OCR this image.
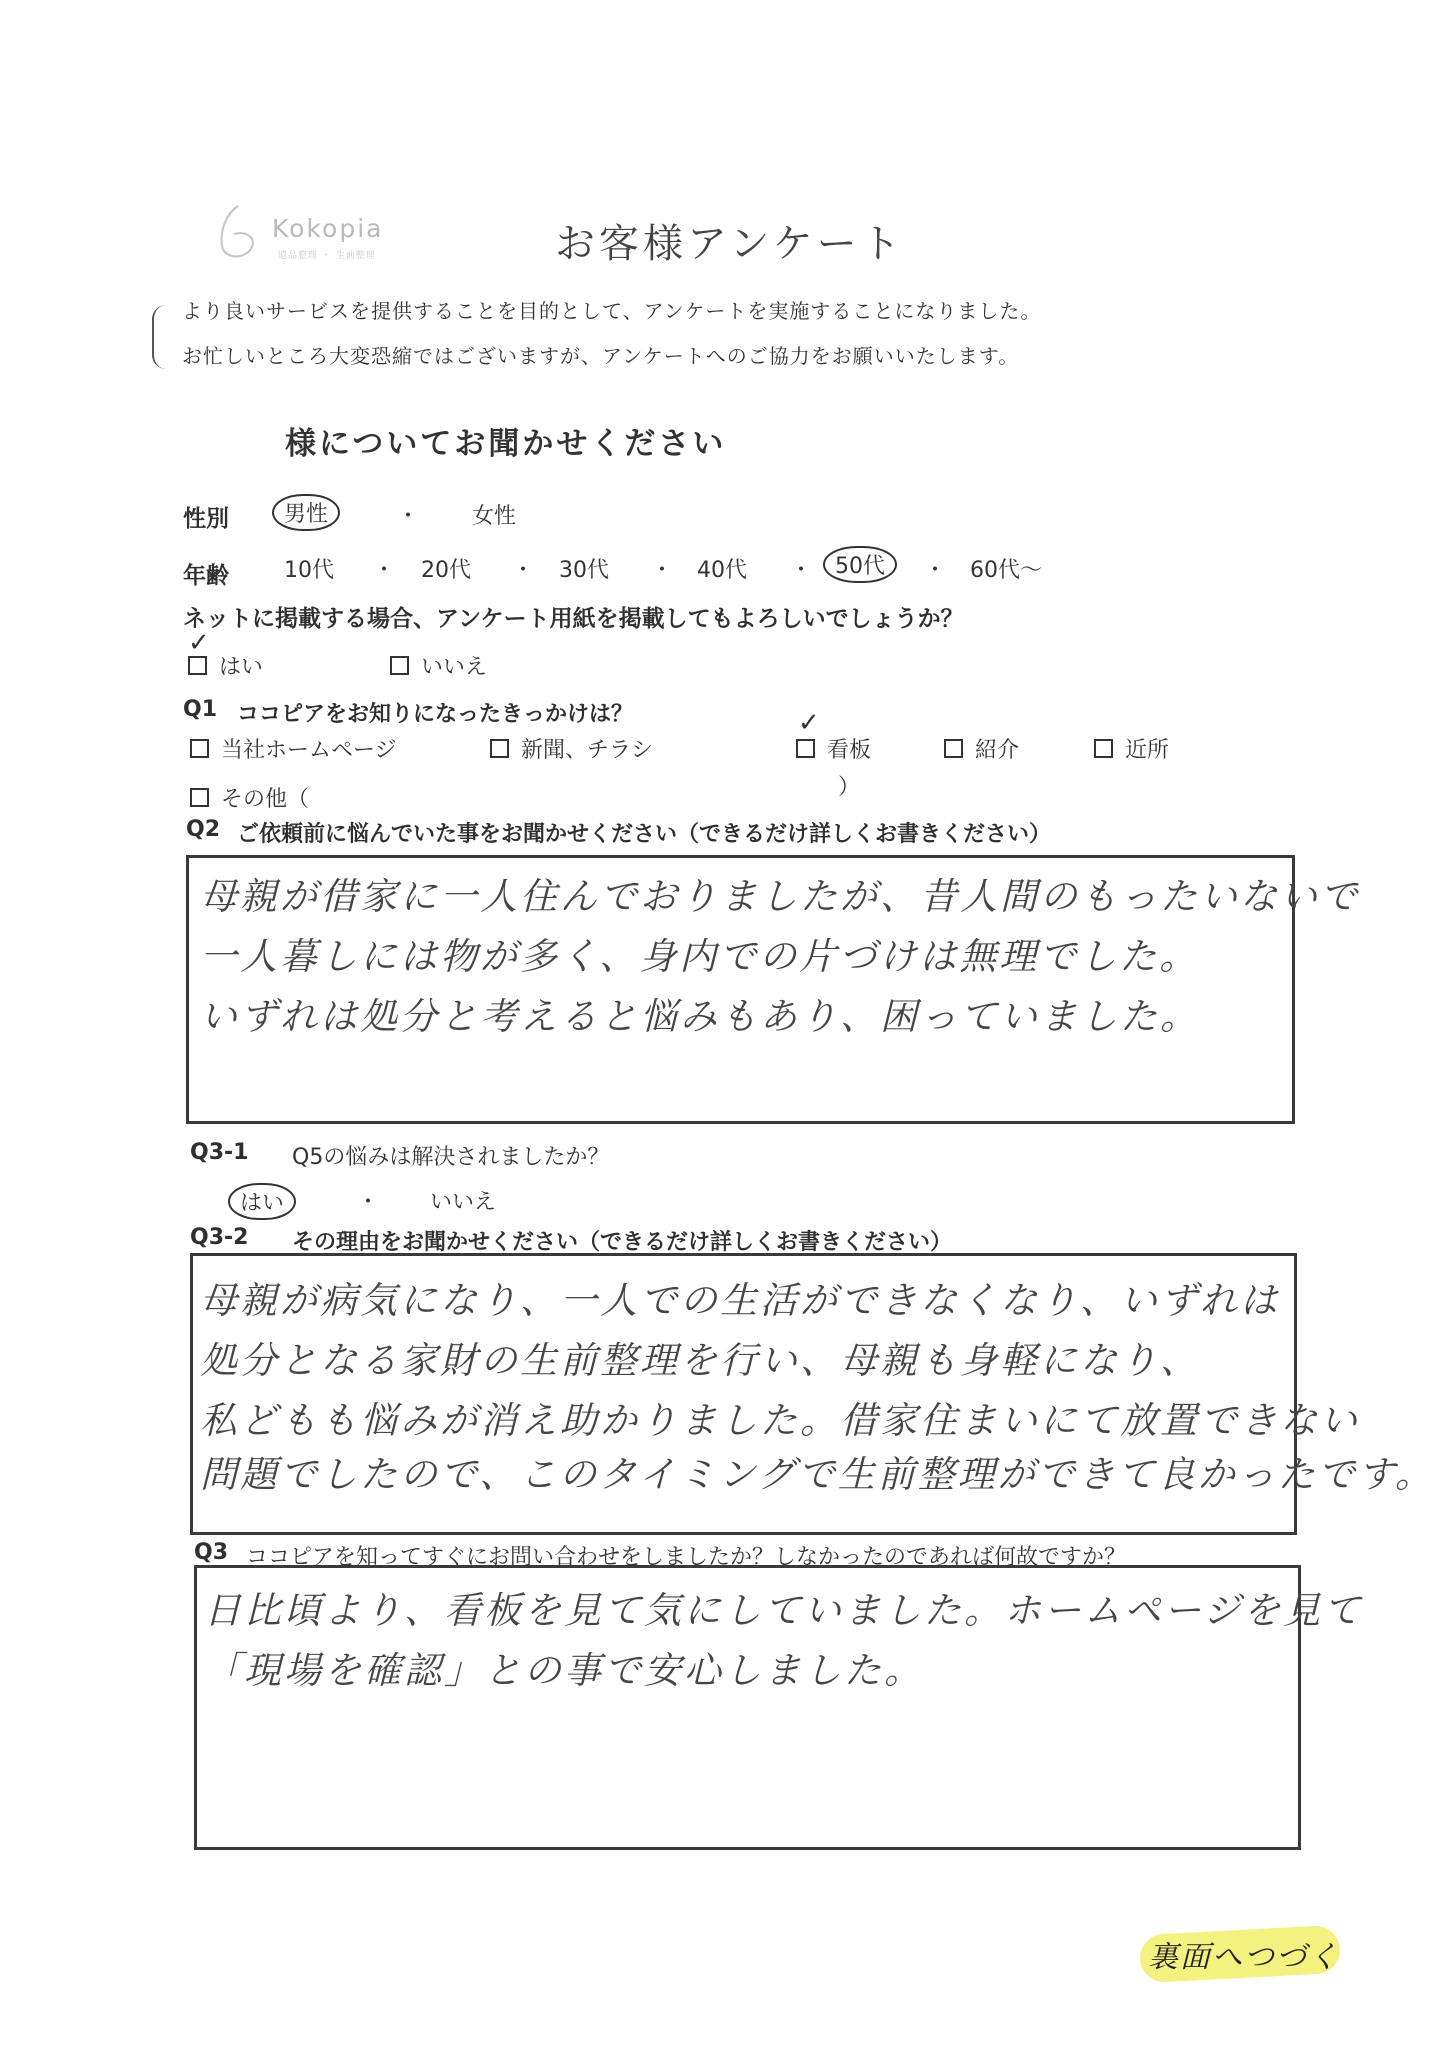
Kokopia
遺品整理 ・ 生前整理	お客様アンケート
より良いサービスを提供することを目的として、アンケートを実施することになりました。
お忙しいところ大変恐縮ではございますが、アンケートへのご協力をお願いいたします。
様についてお聞かせください
性別	男性	・ 女性
年齢	10代 ・ 20代 ・ 30代 ・ 40代 ・	50代	・ 60代〜
ネットに掲載する場合、アンケート用紙を掲載してもよろしいでしょうか？
はい
✓
いいえ
Q1 ココピアをお知りになったきっかけは？
当社ホームページ	新聞、チラシ	看板
✓
紹介	近所
その他（	）
Q2 ご依頼前に悩んでいた事をお聞かせください（できるだけ詳しくお書きください）
母親が借家に一人住んでおりましたが、昔人間のもったいないで
一人暮しには物が多く、身内での片づけは無理でした。
いずれは処分と考えると悩みもあり、困っていました。
Q3-1 Q5の悩みは解決されましたか？
はい	・ いいえ
Q3-2 その理由をお聞かせください（できるだけ詳しくお書きください）
母親が病気になり、一人での生活ができなくなり、いずれは
処分となる家財の生前整理を行い、母親も身軽になり、
私どもも悩みが消え助かりました。借家住まいにて放置できない
問題でしたので、このタイミングで生前整理ができて良かったです。
Q3 ココピアを知ってすぐにお問い合わせをしましたか？しなかったのであれば何故ですか？
日比頃より、看板を見て気にしていました。ホームページを見て
「現場を確認」との事で安心しました。
裏面へつづく
